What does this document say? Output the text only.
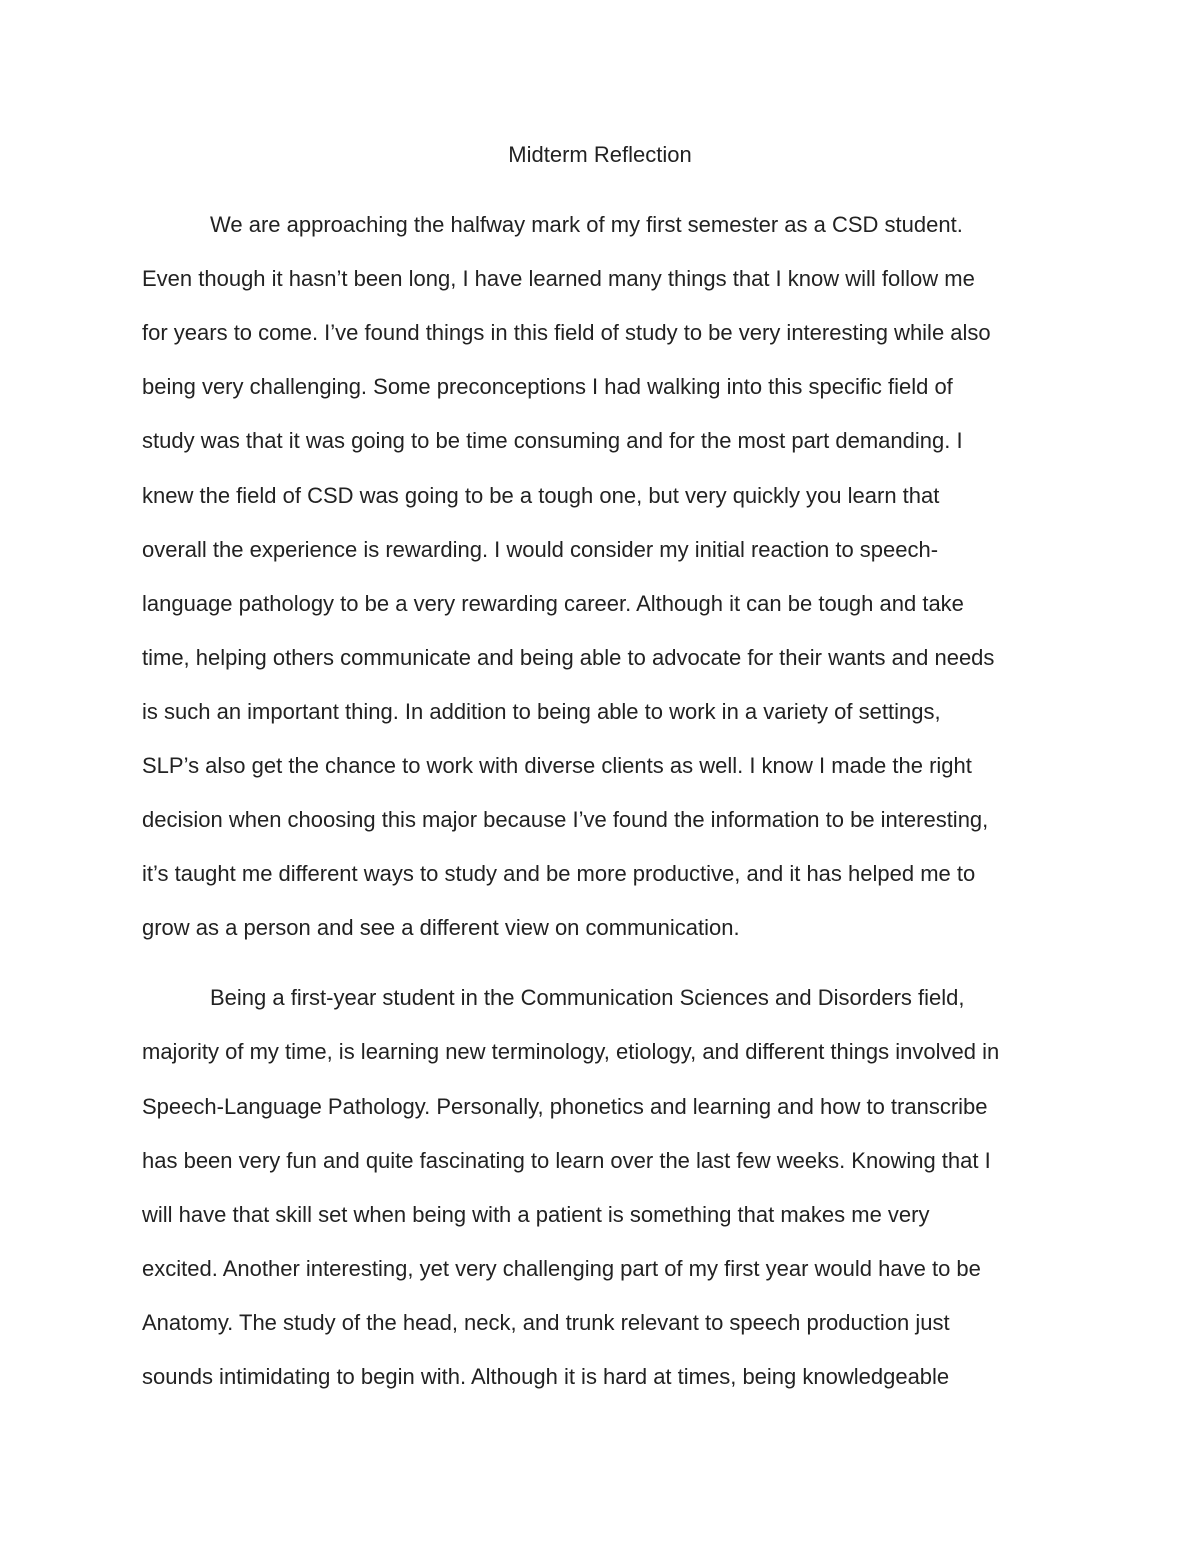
Midterm Reflection
We are approaching the halfway mark of my first semester as a CSD student.
Even though it hasn’t been long, I have learned many things that I know will follow me
for years to come. I’ve found things in this field of study to be very interesting while also
being very challenging. Some preconceptions I had walking into this specific field of
study was that it was going to be time consuming and for the most part demanding. I
knew the field of CSD was going to be a tough one, but very quickly you learn that
overall the experience is rewarding. I would consider my initial reaction to speech-
language pathology to be a very rewarding career. Although it can be tough and take
time, helping others communicate and being able to advocate for their wants and needs
is such an important thing. In addition to being able to work in a variety of settings,
SLP’s also get the chance to work with diverse clients as well. I know I made the right
decision when choosing this major because I’ve found the information to be interesting,
it’s taught me different ways to study and be more productive, and it has helped me to
grow as a person and see a different view on communication.
Being a first-year student in the Communication Sciences and Disorders field,
majority of my time, is learning new terminology, etiology, and different things involved in
Speech-Language Pathology. Personally, phonetics and learning and how to transcribe
has been very fun and quite fascinating to learn over the last few weeks. Knowing that I
will have that skill set when being with a patient is something that makes me very
excited. Another interesting, yet very challenging part of my first year would have to be
Anatomy. The study of the head, neck, and trunk relevant to speech production just
sounds intimidating to begin with. Although it is hard at times, being knowledgeable
